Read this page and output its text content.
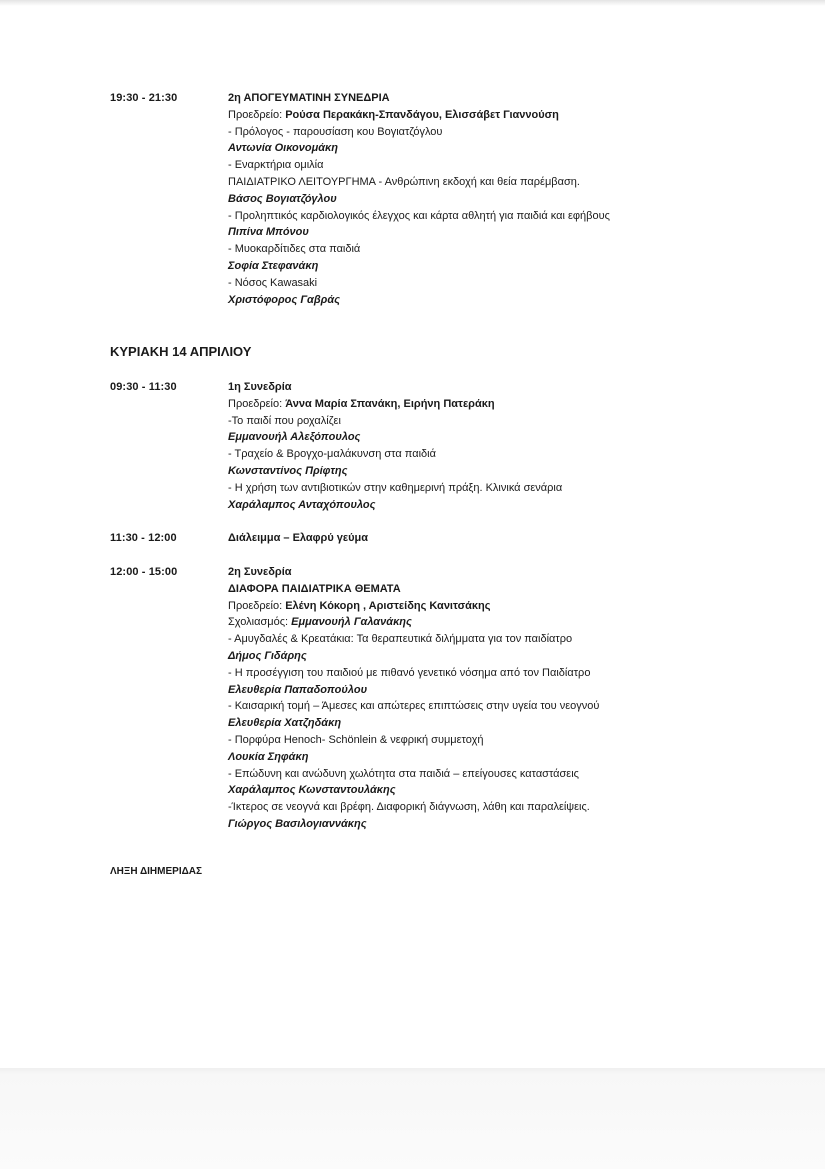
19:30 - 21:30	2η ΑΠΟΓΕΥΜΑΤΙΝΗ ΣΥΝΕΔΡΙΑ
Προεδρείο: Ρούσα Περακάκη-Σπανδάγου, Ελισσάβετ Γιαννούση
- Πρόλογος - παρουσίαση κου Βογιατζόγλου
Αντωνία Οικονομάκη
- Εναρκτήρια ομιλία
ΠΑΙΔΙΑΤΡΙΚΟ ΛΕΙΤΟΥΡΓΗΜΑ - Ανθρώπινη εκδοχή και θεία παρέμβαση.
Βάσος Βογιατζόγλου
- Προληπτικός καρδιολογικός έλεγχος και κάρτα αθλητή για παιδιά και εφήβους
Πιπίνα Μπόνου
- Μυοκαρδίτιδες στα παιδιά
Σοφία Στεφανάκη
- Νόσος Kawasaki
Χριστόφορος Γαβράς
ΚΥΡΙΑΚΗ 14 ΑΠΡΙΛΙΟΥ
09:30 - 11:30	1η Συνεδρία
Προεδρείο: Άννα Μαρία Σπανάκη, Ειρήνη Πατεράκη
-Το παιδί που ροχαλίζει
Εμμανουήλ Αλεξόπουλος
- Τραχείο & Βρογχο-μαλάκυνση στα παιδιά
Κωνσταντίνος Πρίφτης
- Η χρήση των αντιβιοτικών στην καθημερινή πράξη. Κλινικά σενάρια
Χαράλαμπος Ανταχόπουλος
11:30 - 12:00	Διάλειμμα – Ελαφρύ γεύμα
12:00 - 15:00	2η Συνεδρία
ΔΙΑΦΟΡΑ ΠΑΙΔΙΑΤΡΙΚΑ ΘΕΜΑΤΑ
Προεδρείο: Ελένη Κόκορη , Αριστείδης Κανιτσάκης
Σχολιασμός: Εμμανουήλ Γαλανάκης
- Αμυγδαλές & Κρεατάκια: Τα θεραπευτικά διλήμματα για τον παιδίατρο
Δήμος Γιδάρης
- Η προσέγγιση του παιδιού με πιθανό γενετικό νόσημα από τον Παιδίατρο
Ελευθερία Παπαδοπούλου
- Καισαρική τομή – Άμεσες και απώτερες επιπτώσεις στην υγεία του νεογνού
Ελευθερία Χατζηδάκη
- Πορφύρα Henoch- Schönlein & νεφρική συμμετοχή
Λουκία Σηφάκη
- Επώδυνη και ανώδυνη χωλότητα στα παιδιά – επείγουσες καταστάσεις
Χαράλαμπος Κωνσταντουλάκης
-Ίκτερος σε νεογνά και βρέφη. Διαφορική διάγνωση, λάθη και παραλείψεις.
Γιώργος Βασιλογιαννάκης
ΛΗΞΗ ΔΙΗΜΕΡΙΔΑΣ
